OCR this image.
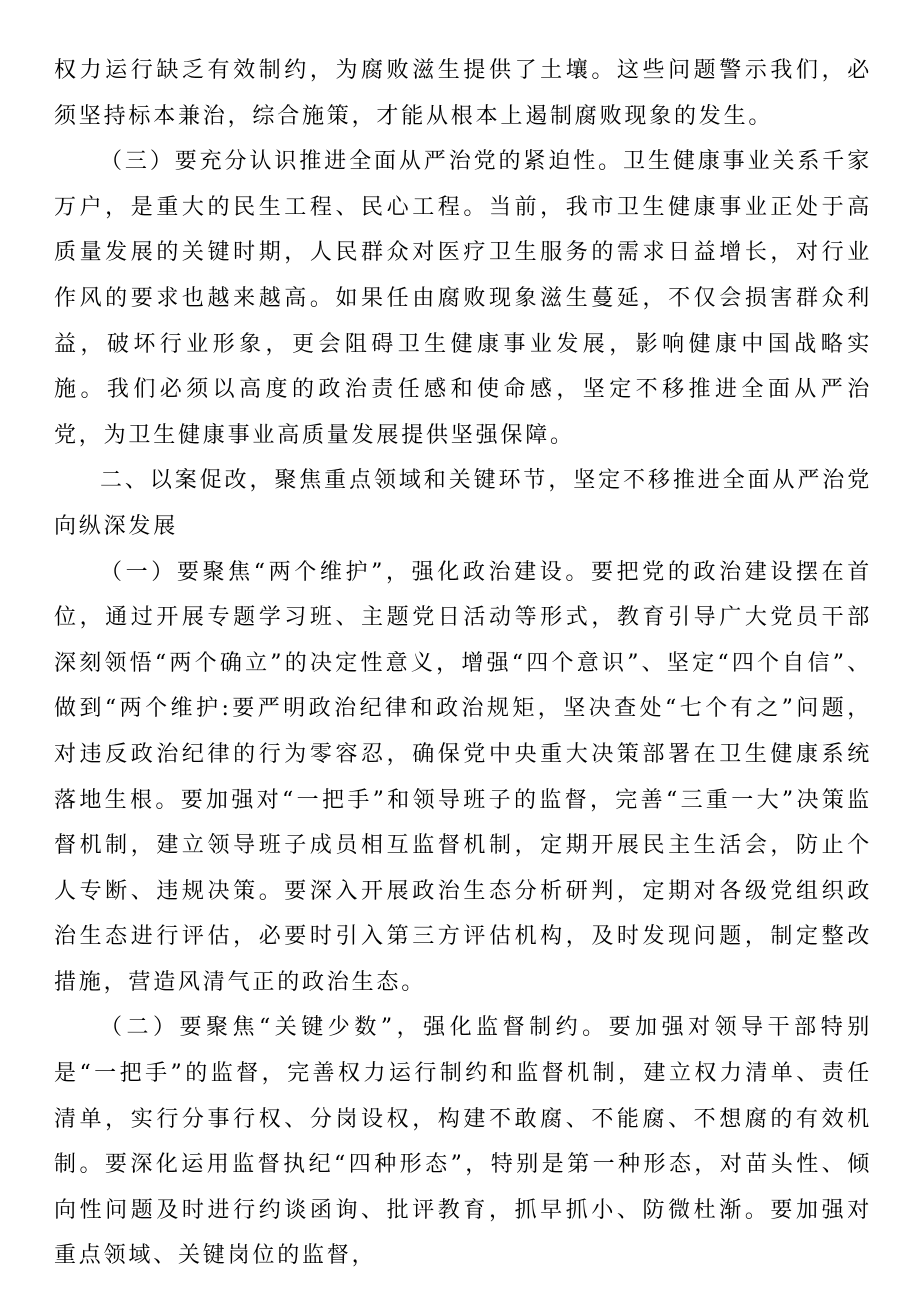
权力运行缺乏有效制约，为腐败滋生提供了土壤。这些问题警示我们，必须坚持标本兼治，综合施策，才能从根本上遏制腐败现象的发生。

（三）要充分认识推进全面从严治党的紧迫性。卫生健康事业关系千家万户，是重大的民生工程、民心工程。当前，我市卫生健康事业正处于高质量发展的关键时期，人民群众对医疗卫生服务的需求日益增长，对行业作风的要求也越来越高。如果任由腐败现象滋生蔓延，不仅会损害群众利益，破坏行业形象，更会阻碍卫生健康事业发展，影响健康中国战略实施。我们必须以高度的政治责任感和使命感，坚定不移推进全面从严治党，为卫生健康事业高质量发展提供坚强保障。

二、以案促改，聚焦重点领域和关键环节，坚定不移推进全面从严治党向纵深发展

（一）要聚焦“两个维护”，强化政治建设。要把党的政治建设摆在首位，通过开展专题学习班、主题党日活动等形式，教育引导广大党员干部深刻领悟“两个确立”的决定性意义，增强“四个意识”、坚定“四个自信”、做到“两个维护:要严明政治纪律和政治规矩，坚决查处“七个有之”问题，对违反政治纪律的行为零容忍，确保党中央重大决策部署在卫生健康系统落地生根。要加强对“一把手”和领导班子的监督，完善“三重一大”决策监督机制，建立领导班子成员相互监督机制，定期开展民主生活会，防止个人专断、违规决策。要深入开展政治生态分析研判，定期对各级党组织政治生态进行评估，必要时引入第三方评估机构，及时发现问题，制定整改措施，营造风清气正的政治生态。

（二）要聚焦“关键少数”，强化监督制约。要加强对领导干部特别是“一把手”的监督，完善权力运行制约和监督机制，建立权力清单、责任清单，实行分事行权、分岗设权，构建不敢腐、不能腐、不想腐的有效机制。要深化运用监督执纪“四种形态”，特别是第一种形态，对苗头性、倾向性问题及时进行约谈函询、批评教育，抓早抓小、防微杜渐。要加强对重点领域、关键岗位的监督，
